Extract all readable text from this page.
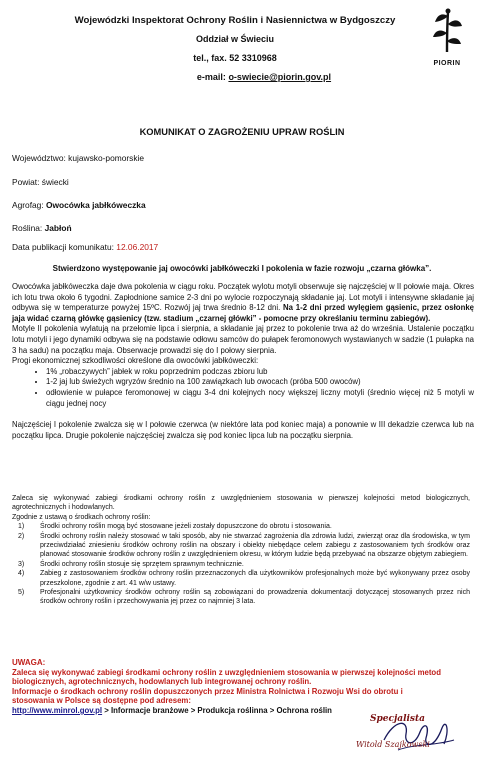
Wojewódzki Inspektorat Ochrony Roślin i Nasiennictwa w Bydgoszczy
Oddział w Świeciu
tel., fax. 52 3310968
e-mail: o-swiecie@piorin.gov.pl
PIORIN
KOMUNIKAT O ZAGROŻENIU UPRAW ROŚLIN
Województwo: kujawsko-pomorskie
Powiat: świecki
Agrofag: Owocówka jabłkóweczka
Roślina: Jabłoń
Data publikacji komunikatu: 12.06.2017
Stwierdzono występowanie jaj owocówki jabłkóweczki I pokolenia w fazie rozwoju „czarna główka”.

Owocówka jabłkóweczka daje dwa pokolenia w ciągu roku. Początek wylotu motyli obserwuje się najczęściej w II połowie maja. Okres ich lotu trwa około 6 tygodni. Zapłodnione samice 2-3 dni po wylocie rozpoczynają składanie jaj. Lot motyli i intensywne składanie jaj odbywa się w temperaturze powyżej 15ºC. Rozwój jaj trwa średnio 8-12 dni. Na 1-2 dni przed wylęgiem gąsienic, przez osłonkę jaja widać czarną główkę gąsienicy (tzw. stadium „czarnej główki” - pomocne przy określaniu terminu zabiegów).

Motyle II pokolenia wylatują na przełomie lipca i sierpnia, a składanie jaj przez to pokolenie trwa aż do września. Ustalenie początku lotu motyli i jego dynamiki odbywa się na podstawie odłowu samców do pułapek feromonowych wystawianych w sadzie (1 pułapka na 3 ha sadu) na początku maja. Obserwacje prowadzi się do I połowy sierpnia.

Progi ekonomicznej szkodliwości określone dla owocówki jabłkóweczki:

• 1% „robaczywych” jabłek w roku poprzednim podczas zbioru lub
• 1-2 jaj lub świeżych wgryzów średnio na 100 zawiązkach lub owocach (próba 500 owoców)
• odłowienie w pułapce feromonowej w ciągu 3-4 dni kolejnych nocy większej liczny motyli (średnio więcej niż 5 motyli w ciągu jednej nocy

Najczęściej I pokolenie zwalcza się w I połowie czerwca (w niektóre lata pod koniec maja) a ponownie w III dekadzie czerwca lub na początku lipca. Drugie pokolenie najczęściej zwalcza się pod koniec lipca lub na początku sierpnia.

Zaleca się wykonywać zabiegi środkami ochrony roślin z uwzględnieniem stosowania w pierwszej kolejności metod biologicznych, agrotechnicznych i hodowlanych.
Zgodnie z ustawą o środkach ochrony roślin:
1)	Środki ochrony roślin mogą być stosowane jeżeli zostały dopuszczone do obrotu i stosowania.
2)	Środki ochrony roślin należy stosować w taki sposób, aby nie stwarzać zagrożenia dla zdrowia ludzi, zwierząt oraz dla środowiska, w tym przeciwdziałać zniesieniu środków ochrony roślin na obszary i obiekty niebędące celem zabiegu z zastosowaniem tych środków oraz planować stosowanie środków ochrony roślin z uwzględnieniem okresu, w którym ludzie będą przebywać na obszarze objętym zabiegiem.
3)	Środki ochrony roślin stosuje się sprzętem sprawnym technicznie.
4)	Zabieg z zastosowaniem środków ochrony roślin przeznaczonych dla użytkowników profesjonalnych może być wykonywany przez osoby przeszkolone, zgodnie z art. 41 w/w ustawy.
5)	Profesjonalni użytkownicy środków ochrony roślin są zobowiązani do prowadzenia dokumentacji dotyczącej stosowanych przez nich środków ochrony roślin i przechowywania jej przez co najmniej 3 lata.
UWAGA:
Zaleca się wykonywać zabiegi środkami ochrony roślin z uwzględnieniem stosowania w pierwszej kolejności metod biologicznych, agrotechnicznych, hodowlanych lub integrowanej ochrony roślin.
Informacje o środkach ochrony roślin dopuszczonych przez Ministra Rolnictwa i Rozwoju Wsi do obrotu i stosowania w Polsce są dostępne pod adresem:
http://www.minrol.gov.pl > Informacje branżowe > Produkcja roślinna > Ochrona roślin
Specjalista
Witold Szajkowski
